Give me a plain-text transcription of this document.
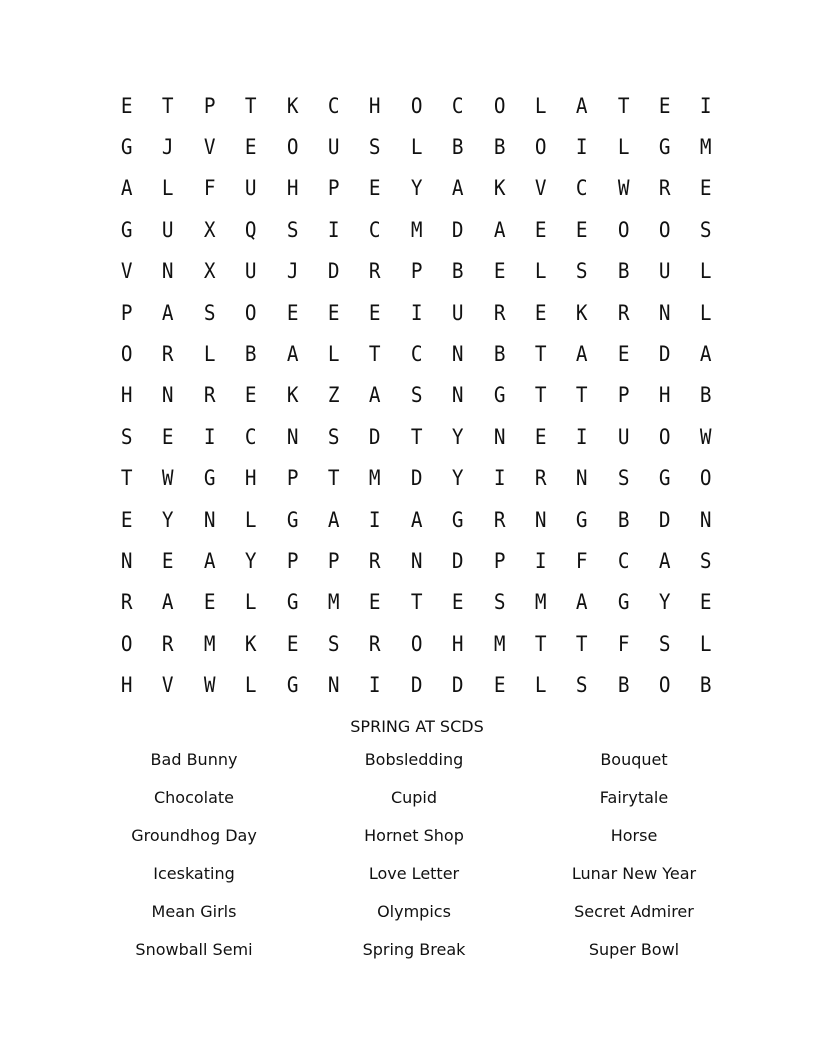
E	T	P	T	K	C	H	O	C	O	L	A	T	E	I
G	J	V	E	O	U	S	L	B	B	O	I	L	G	M
A	L	F	U	H	P	E	Y	A	K	V	C	W	R	E
G	U	X	Q	S	I	C	M	D	A	E	E	O	O	S
V	N	X	U	J	D	R	P	B	E	L	S	B	U	L
P	A	S	O	E	E	E	I	U	R	E	K	R	N	L
O	R	L	B	A	L	T	C	N	B	T	A	E	D	A
H	N	R	E	K	Z	A	S	N	G	T	T	P	H	B
S	E	I	C	N	S	D	T	Y	N	E	I	U	O	W
T	W	G	H	P	T	M	D	Y	I	R	N	S	G	O
E	Y	N	L	G	A	I	A	G	R	N	G	B	D	N
N	E	A	Y	P	P	R	N	D	P	I	F	C	A	S
R	A	E	L	G	M	E	T	E	S	M	A	G	Y	E
O	R	M	K	E	S	R	O	H	M	T	T	F	S	L
H	V	W	L	G	N	I	D	D	E	L	S	B	O	B
SPRING AT SCDS
Bad Bunny	Bobsledding	Bouquet
Chocolate	Cupid	Fairytale
Groundhog Day	Hornet Shop	Horse
Iceskating	Love Letter	Lunar New Year
Mean Girls	Olympics	Secret Admirer
Snowball Semi	Spring Break	Super Bowl
